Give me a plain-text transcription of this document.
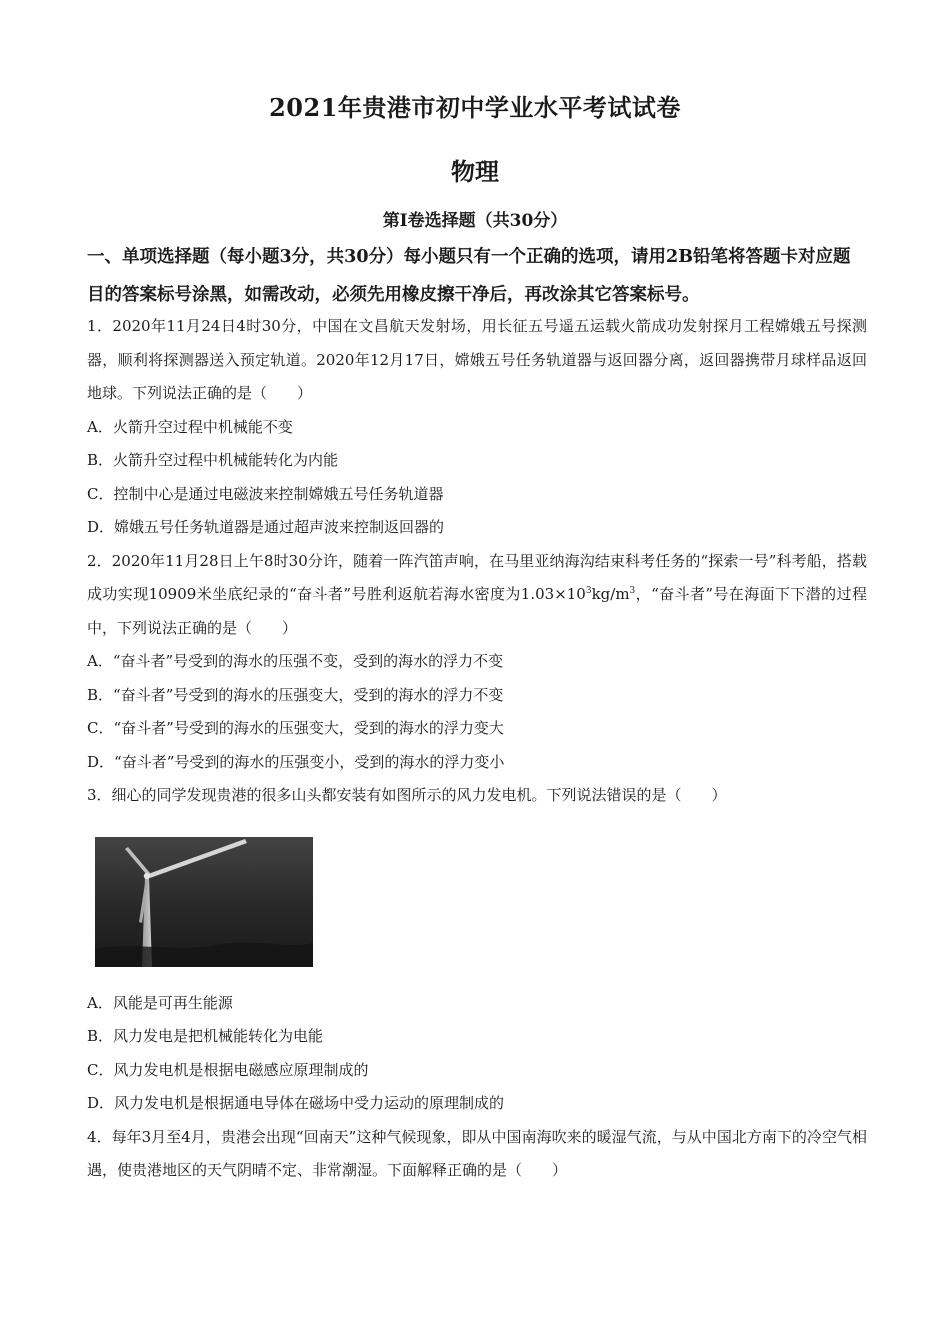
2021年贵港市初中学业水平考试试卷
物理
第Ⅰ卷选择题（共30分）
一、单项选择题（每小题3分，共30分）每小题只有一个正确的选项，请用2B铅笔将答题卡对应题目的答案标号涂黑，如需改动，必须先用橡皮擦干净后，再改涂其它答案标号。

1．2020年11月24日4时30分，中国在文昌航天发射场，用长征五号遥五运载火箭成功发射探月工程嫦娥五号探测器，顺利将探测器送入预定轨道。2020年12月17日，嫦娥五号任务轨道器与返回器分离，返回器携带月球样品返回地球。下列说法正确的是（　　）

A．火箭升空过程中机械能不变

B．火箭升空过程中机械能转化为内能

C．控制中心是通过电磁波来控制嫦娥五号任务轨道器

D．嫦娥五号任务轨道器是通过超声波来控制返回器的

2．2020年11月28日上午8时30分许，随着一阵汽笛声响，在马里亚纳海沟结束科考任务的“探索一号”科考船，搭载成功实现10909米坐底纪录的“奋斗者”号胜利返航若海水密度为$1.03\times 10^3kg/m^3$，“奋斗者”号在海面下下潜的过程中，下列说法正确的是（　　）

A．“奋斗者”号受到的海水的压强不变，受到的海水的浮力不变

B．“奋斗者”号受到的海水的压强变大，受到的海水的浮力不变

C．“奋斗者”号受到的海水的压强变大，受到的海水的浮力变大

D．“奋斗者”号受到的海水的压强变小，受到的海水的浮力变小

3．细心的同学发现贵港的很多山头都安装有如图所示的风力发电机。下列说法错误的是（　　）

A．风能是可再生能源

B．风力发电是把机械能转化为电能

C．风力发电机是根据电磁感应原理制成的

D．风力发电机是根据通电导体在磁场中受力运动的原理制成的

4．每年3月至4月，贵港会出现“回南天”这种气候现象，即从中国南海吹来的暖湿气流，与从中国北方南下的冷空气相遇，使贵港地区的天气阴晴不定、非常潮湿。下面解释正确的是（　　）
